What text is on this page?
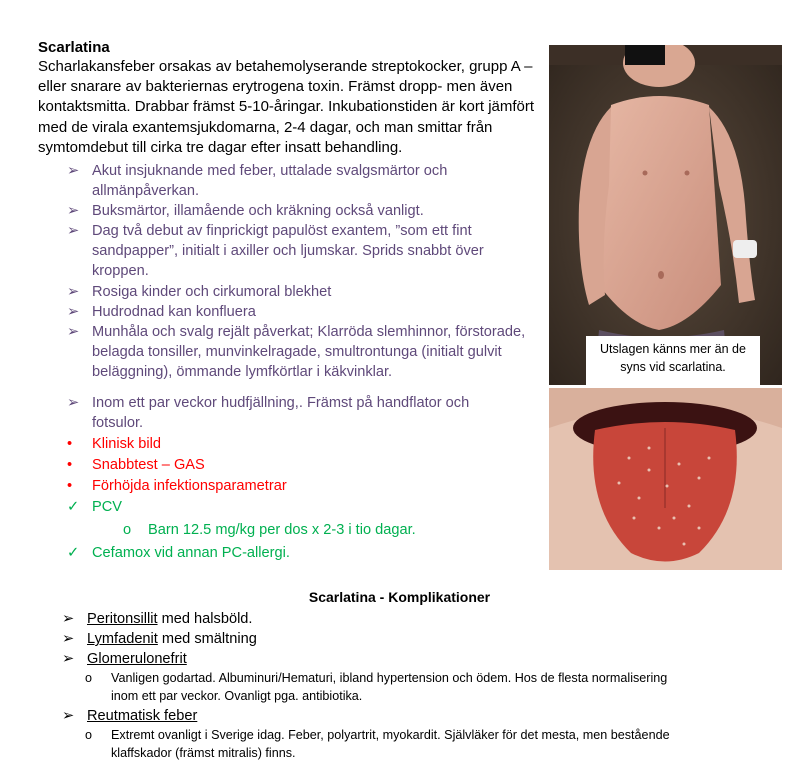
Scarlatina

Scharlakansfeber orsakas av betahemolyserande streptokocker, grupp A – eller snarare av bakteriernas erytrogena toxin. Främst dropp- men även kontaktsmitta. Drabbar främst 5-10-åringar. Inkubationstiden är kort jämfört med de virala exantemsjukdomarna, 2-4 dagar, och man smittar från symtomdebut till cirka tre dagar efter insatt behandling.

➢ Akut insjuknande med feber, uttalade svalgsmärtor och allmänpåverkan.

➢ Buksmärtor, illamående och kräkning också vanligt.

➢ Dag två debut av finprickigt papulöst exantem, ”som ett fint sandpapper”, initialt i axiller och ljumskar. Sprids snabbt över kroppen.

➢ Rosiga kinder och cirkumoral blekhet

➢ Hudrodnad kan konfluera

➢ Munhåla och svalg rejält påverkat; Klarröda slemhinnor, förstorade, belagda tonsiller, munvinkelragade, smultrontunga (initialt gulvit beläggning), ömmande lymfkörtlar i käkvinklar.

➢ Inom ett par veckor hudfjällning,. Främst på handflator och fotsulor.

• Klinisk bild

• Snabbtest – GAS

• Förhöjda infektionsparametrar

✓ PCV

o Barn 12.5 mg/kg per dos x 2-3 i tio dagar.

✓ Cefamox vid annan PC-allergi.

Utslagen känns mer än de syns vid scarlatina.
Scarlatina - Komplikationer

➢ Peritonsillit med halsböld.

➢ Lymfadenit med smältning

➢ Glomerulonefrit

o Vanligen godartad. Albuminuri/Hematuri, ibland hypertension och ödem. Hos de flesta normalisering inom ett par veckor. Ovanligt pga. antibiotika.

➢ Reutmatisk feber

o Extremt ovanligt i Sverige idag. Feber, polyartrit, myokardit. Självläker för det mesta, men bestående klaffskador (främst mitralis) finns.
